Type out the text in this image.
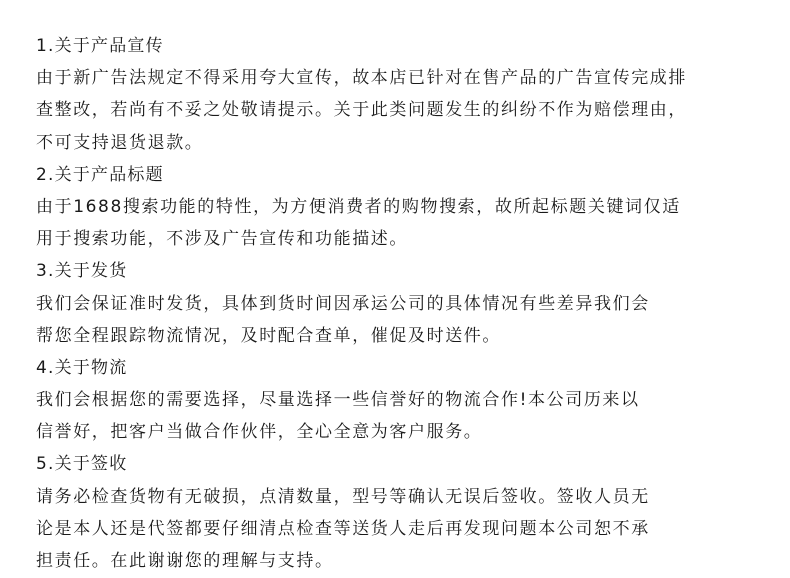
1.关于产品宣传
由于新广告法规定不得采用夸大宣传，故本店已针对在售产品的广告宣传完成排
查整改，若尚有不妥之处敬请提示。关于此类问题发生的纠纷不作为赔偿理由，
不可支持退货退款。
2.关于产品标题
由于1688搜索功能的特性，为方便消费者的购物搜索，故所起标题关键词仅适
用于搜索功能，不涉及广告宣传和功能描述。
3.关于发货
我们会保证准时发货，具体到货时间因承运公司的具体情况有些差异我们会
帮您全程跟踪物流情况，及时配合查单，催促及时送件。
4.关于物流
我们会根据您的需要选择，尽量选择一些信誉好的物流合作!本公司历来以
信誉好，把客户当做合作伙伴，全心全意为客户服务。
5.关于签收
请务必检查货物有无破损，点清数量，型号等确认无误后签收。签收人员无
论是本人还是代签都要仔细清点检查等送货人走后再发现问题本公司恕不承
担责任。在此谢谢您的理解与支持。
